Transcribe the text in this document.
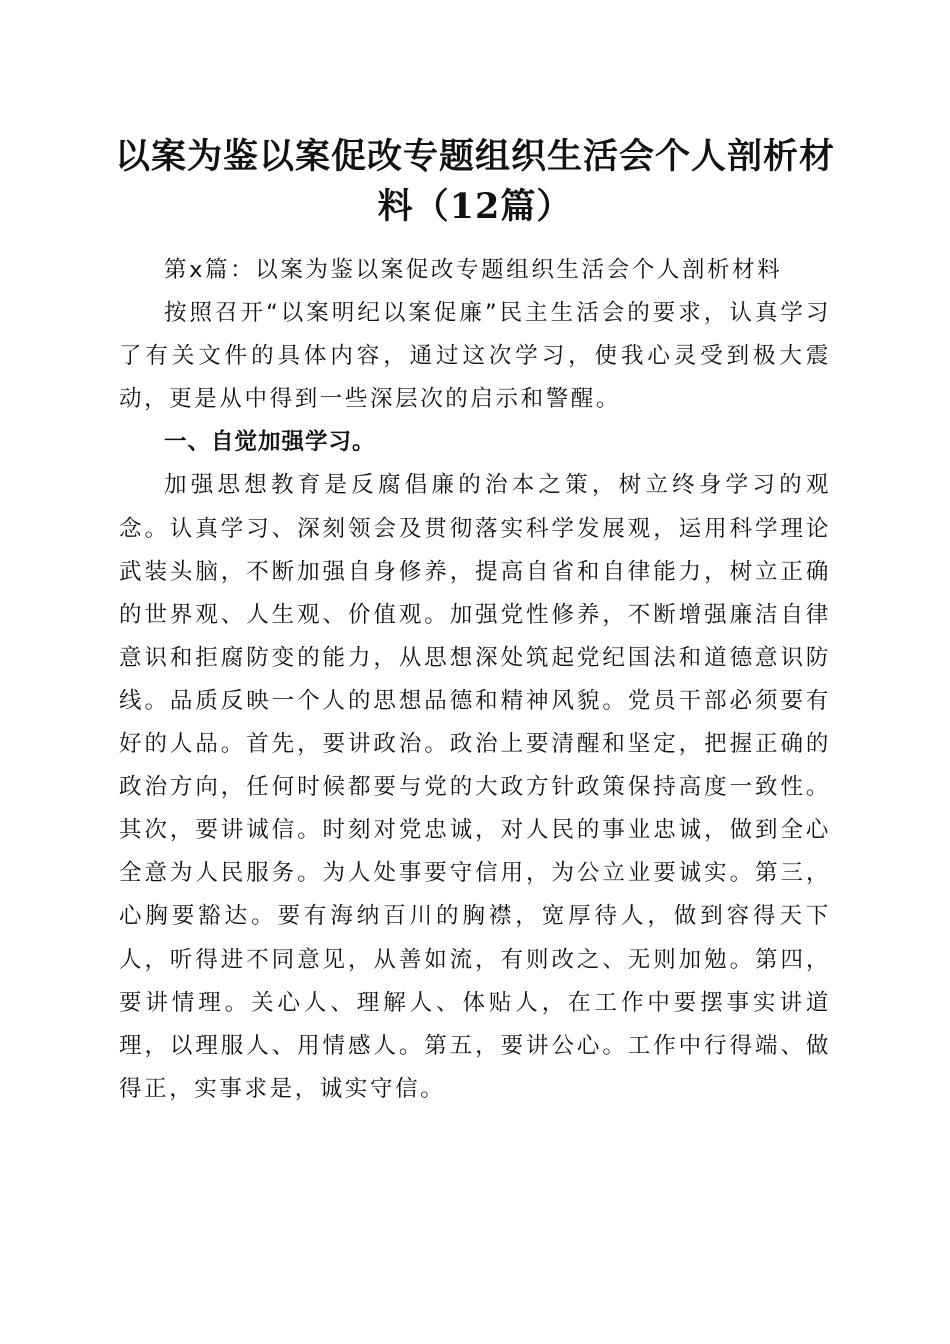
以案为鉴以案促改专题组织生活会个人剖析材料（12篇）

第x篇：以案为鉴以案促改专题组织生活会个人剖析材料

按照召开“以案明纪以案促廉”民主生活会的要求，认真学习了有关文件的具体内容，通过这次学习，使我心灵受到极大震动，更是从中得到一些深层次的启示和警醒。

一、自觉加强学习。

加强思想教育是反腐倡廉的治本之策，树立终身学习的观念。认真学习、深刻领会及贯彻落实科学发展观，运用科学理论武装头脑，不断加强自身修养，提高自省和自律能力，树立正确的世界观、人生观、价值观。加强党性修养，不断增强廉洁自律意识和拒腐防变的能力，从思想深处筑起党纪国法和道德意识防线。品质反映一个人的思想品德和精神风貌。党员干部必须要有好的人品。首先，要讲政治。政治上要清醒和坚定，把握正确的政治方向，任何时候都要与党的大政方针政策保持高度一致性。其次，要讲诚信。时刻对党忠诚，对人民的事业忠诚，做到全心全意为人民服务。为人处事要守信用，为公立业要诚实。第三，心胸要豁达。要有海纳百川的胸襟，宽厚待人，做到容得天下人，听得进不同意见，从善如流，有则改之、无则加勉。第四，要讲情理。关心人、理解人、体贴人，在工作中要摆事实讲道理，以理服人、用情感人。第五，要讲公心。工作中行得端、做得正，实事求是，诚实守信。
